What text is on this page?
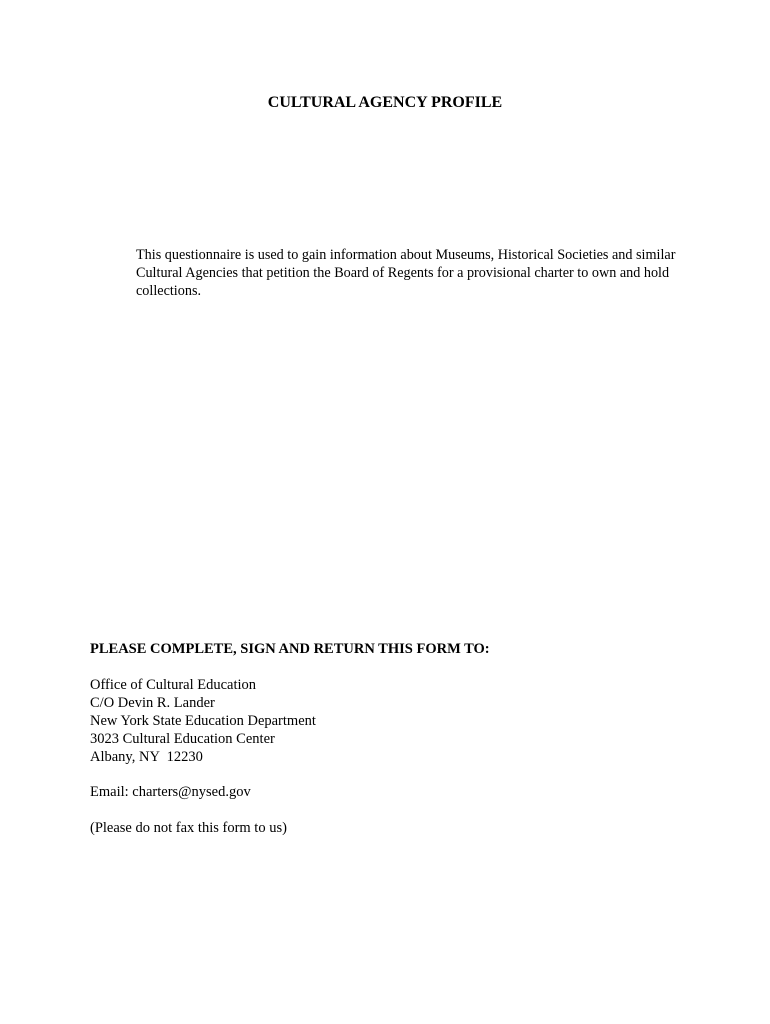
CULTURAL AGENCY PROFILE

This questionnaire is used to gain information about Museums, Historical Societies and similar Cultural Agencies that petition the Board of Regents for a provisional charter to own and hold collections.

PLEASE COMPLETE, SIGN AND RETURN THIS FORM TO:

Office of Cultural Education
C/O Devin R. Lander
New York State Education Department
3023 Cultural Education Center
Albany, NY  12230

Email: charters@nysed.gov

(Please do not fax this form to us)
